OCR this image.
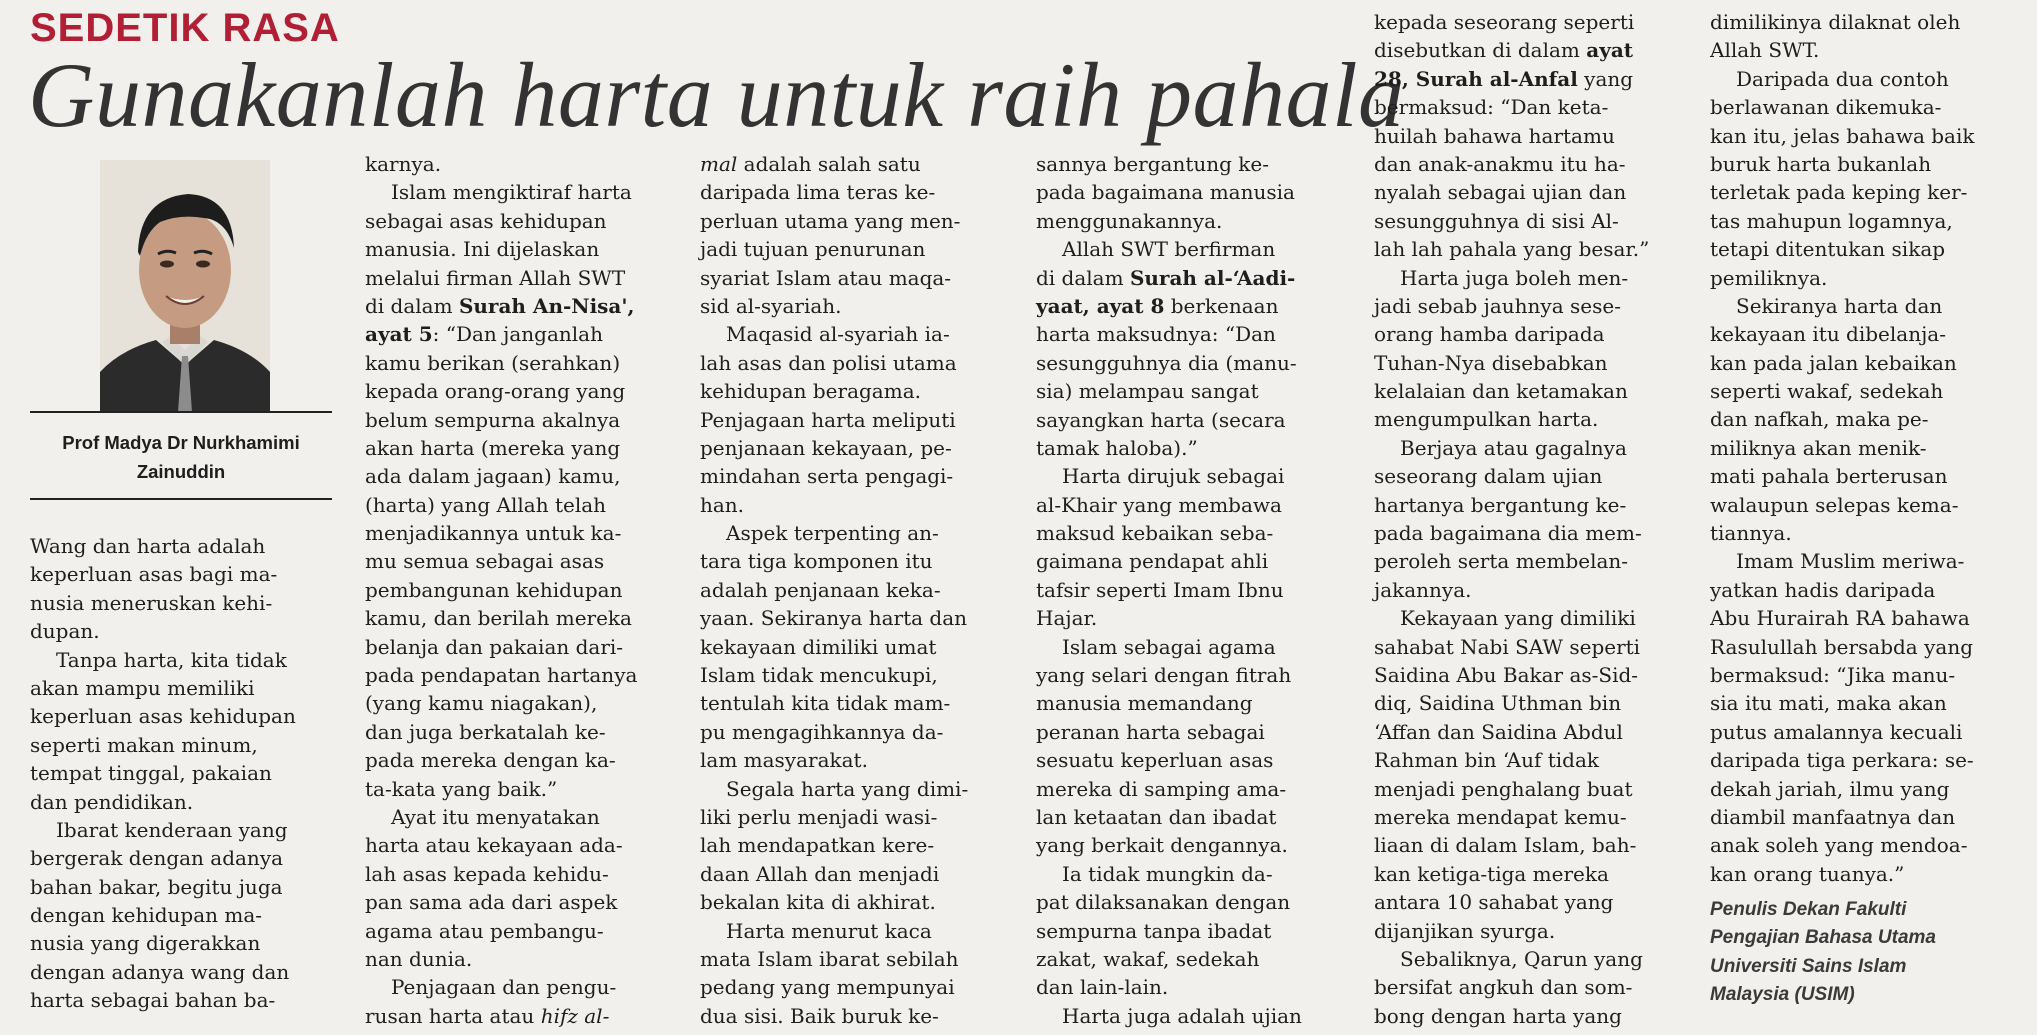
SEDETIK RASA
Gunakanlah harta untuk raih pahala

Prof Madya Dr Nurkhamimi
Zainuddin

Wang dan harta adalah
keperluan asas bagi ma-
nusia meneruskan kehi-
dupan.
Tanpa harta, kita tidak
akan mampu memiliki
keperluan asas kehidupan
seperti makan minum,
tempat tinggal, pakaian
dan pendidikan.
Ibarat kenderaan yang
bergerak dengan adanya
bahan bakar, begitu juga
dengan kehidupan ma-
nusia yang digerakkan
dengan adanya wang dan
harta sebagai bahan ba-
karnya.
Islam mengiktiraf harta
sebagai asas kehidupan
manusia. Ini dijelaskan
melalui firman Allah SWT
di dalam Surah An-Nisa',
ayat 5: “Dan janganlah
kamu berikan (serahkan)
kepada orang-orang yang
belum sempurna akalnya
akan harta (mereka yang
ada dalam jagaan) kamu,
(harta) yang Allah telah
menjadikannya untuk ka-
mu semua sebagai asas
pembangunan kehidupan
kamu, dan berilah mereka
belanja dan pakaian dari-
pada pendapatan hartanya
(yang kamu niagakan),
dan juga berkatalah ke-
pada mereka dengan ka-
ta-kata yang baik.”
Ayat itu menyatakan
harta atau kekayaan ada-
lah asas kepada kehidu-
pan sama ada dari aspek
agama atau pembangu-
nan dunia.
Penjagaan dan pengu-
rusan harta atau hifz al-
mal adalah salah satu
daripada lima teras ke-
perluan utama yang men-
jadi tujuan penurunan
syariat Islam atau maqa-
sid al-syariah.
Maqasid al-syariah ia-
lah asas dan polisi utama
kehidupan beragama.
Penjagaan harta meliputi
penjanaan kekayaan, pe-
mindahan serta pengagi-
han.
Aspek terpenting an-
tara tiga komponen itu
adalah penjanaan keka-
yaan. Sekiranya harta dan
kekayaan dimiliki umat
Islam tidak mencukupi,
tentulah kita tidak mam-
pu mengagihkannya da-
lam masyarakat.
Segala harta yang dimi-
liki perlu menjadi wasi-
lah mendapatkan kere-
daan Allah dan menjadi
bekalan kita di akhirat.
Harta menurut kaca
mata Islam ibarat sebilah
pedang yang mempunyai
dua sisi. Baik buruk ke-
sannya bergantung ke-
pada bagaimana manusia
menggunakannya.
Allah SWT berfirman
di dalam Surah al-‘Aadi-
yaat, ayat 8 berkenaan
harta maksudnya: “Dan
sesungguhnya dia (manu-
sia) melampau sangat
sayangkan harta (secara
tamak haloba).”
Harta dirujuk sebagai
al-Khair yang membawa
maksud kebaikan seba-
gaimana pendapat ahli
tafsir seperti Imam Ibnu
Hajar.
Islam sebagai agama
yang selari dengan fitrah
manusia memandang
peranan harta sebagai
sesuatu keperluan asas
mereka di samping ama-
lan ketaatan dan ibadat
yang berkait dengannya.
Ia tidak mungkin da-
pat dilaksanakan dengan
sempurna tanpa ibadat
zakat, wakaf, sedekah
dan lain-lain.
Harta juga adalah ujian
kepada seseorang seperti
disebutkan di dalam ayat
28, Surah al-Anfal yang
bermaksud: “Dan keta-
huilah bahawa hartamu
dan anak-anakmu itu ha-
nyalah sebagai ujian dan
sesungguhnya di sisi Al-
lah lah pahala yang besar.”
Harta juga boleh men-
jadi sebab jauhnya sese-
orang hamba daripada
Tuhan-Nya disebabkan
kelalaian dan ketamakan
mengumpulkan harta.
Berjaya atau gagalnya
seseorang dalam ujian
hartanya bergantung ke-
pada bagaimana dia mem-
peroleh serta membelan-
jakannya.
Kekayaan yang dimiliki
sahabat Nabi SAW seperti
Saidina Abu Bakar as-Sid-
diq, Saidina Uthman bin
‘Affan dan Saidina Abdul
Rahman bin ‘Auf tidak
menjadi penghalang buat
mereka mendapat kemu-
liaan di dalam Islam, bah-
kan ketiga-tiga mereka
antara 10 sahabat yang
dijanjikan syurga.
Sebaliknya, Qarun yang
bersifat angkuh dan som-
bong dengan harta yang
dimilikinya dilaknat oleh
Allah SWT.
Daripada dua contoh
berlawanan dikemuka-
kan itu, jelas bahawa baik
buruk harta bukanlah
terletak pada keping ker-
tas mahupun logamnya,
tetapi ditentukan sikap
pemiliknya.
Sekiranya harta dan
kekayaan itu dibelanja-
kan pada jalan kebaikan
seperti wakaf, sedekah
dan nafkah, maka pe-
miliknya akan menik-
mati pahala berterusan
walaupun selepas kema-
tiannya.
Imam Muslim meriwa-
yatkan hadis daripada
Abu Hurairah RA bahawa
Rasulullah bersabda yang
bermaksud: “Jika manu-
sia itu mati, maka akan
putus amalannya kecuali
daripada tiga perkara: se-
dekah jariah, ilmu yang
diambil manfaatnya dan
anak soleh yang mendoa-
kan orang tuanya.”
Penulis Dekan Fakulti
Pengajian Bahasa Utama
Universiti Sains Islam
Malaysia (USIM)
